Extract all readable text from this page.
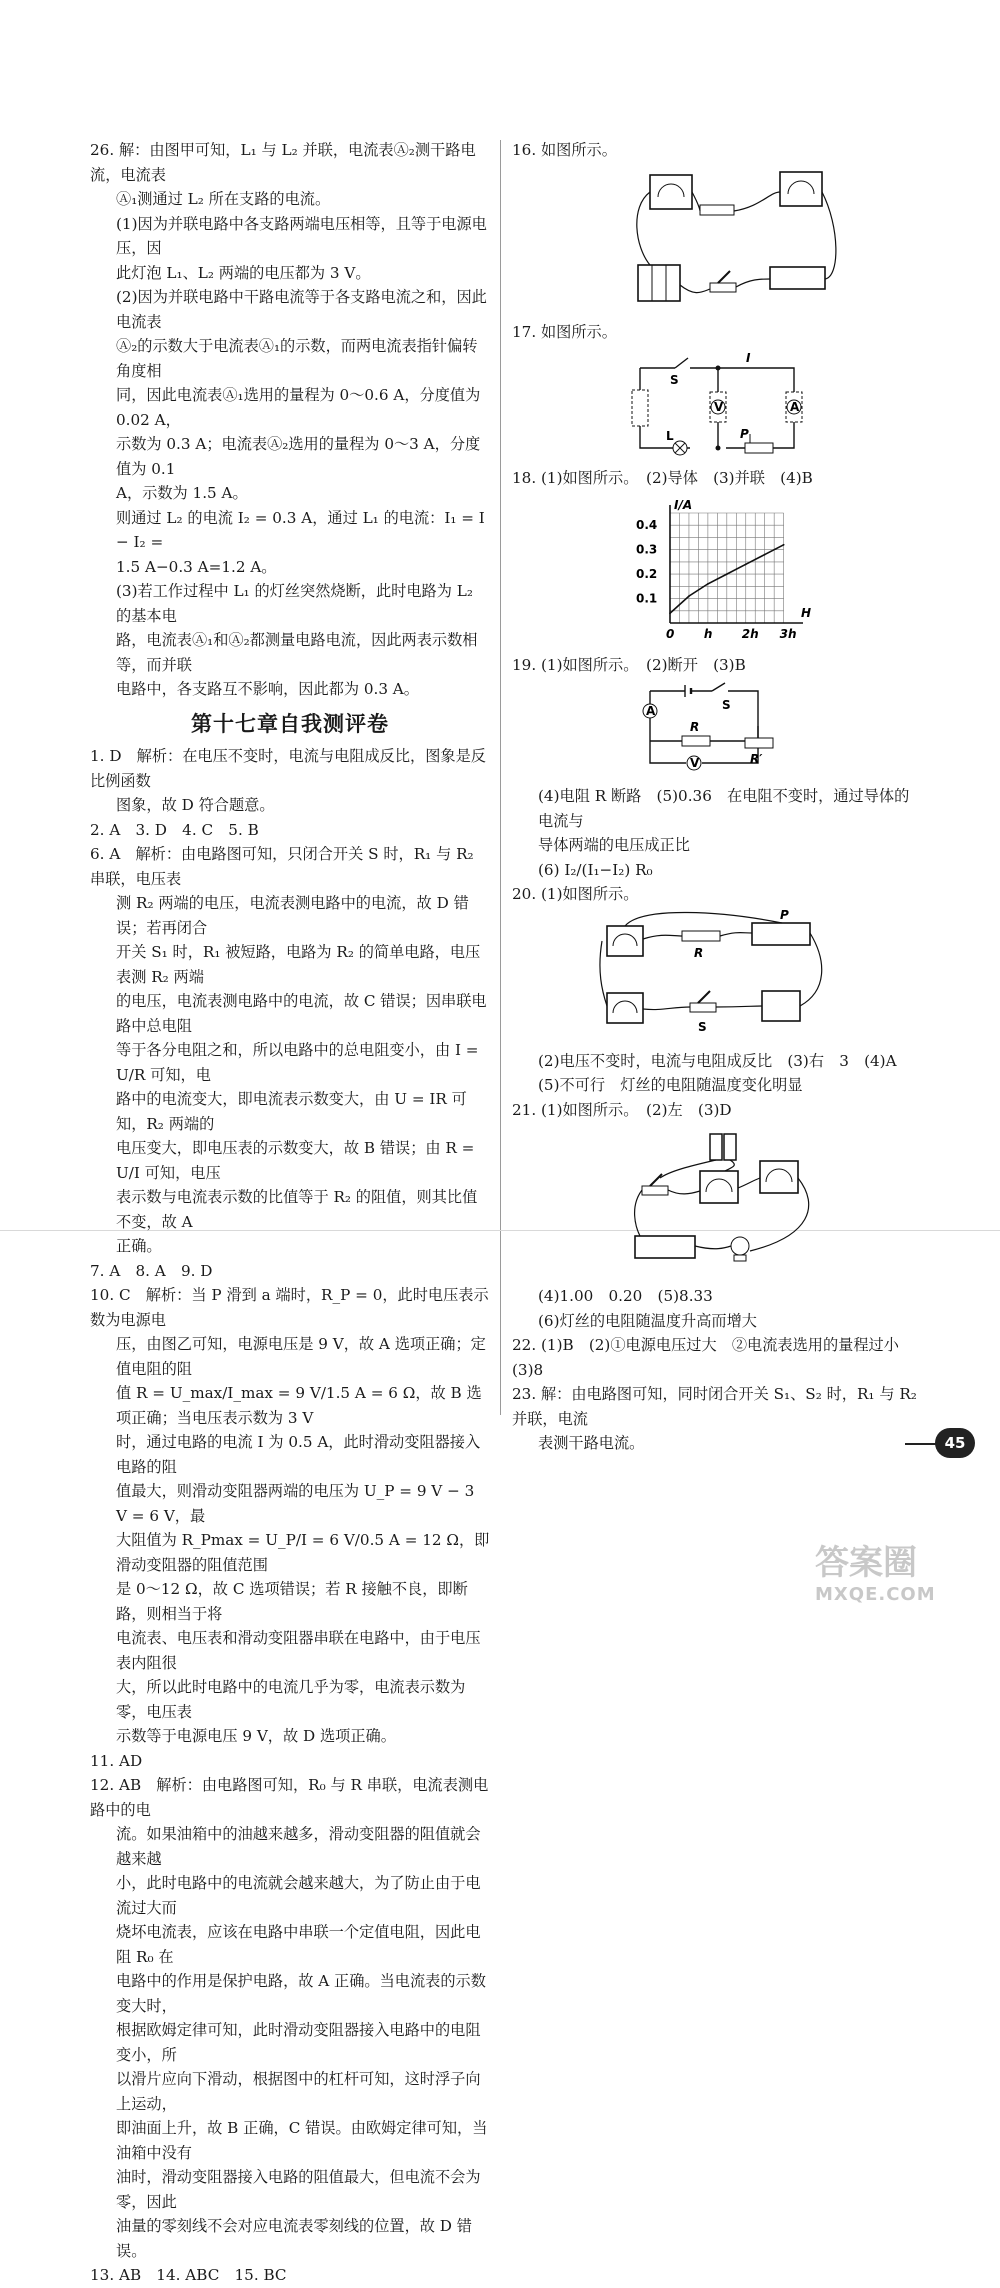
26. 解：由图甲可知，L₁ 与 L₂ 并联，电流表Ⓐ₂测干路电流，电流表

Ⓐ₁测通过 L₂ 所在支路的电流。

(1)因为并联电路中各支路两端电压相等，且等于电源电压，因

此灯泡 L₁、L₂ 两端的电压都为 3 V。

(2)因为并联电路中干路电流等于各支路电流之和，因此电流表

Ⓐ₂的示数大于电流表Ⓐ₁的示数，而两电流表指针偏转角度相

同，因此电流表Ⓐ₁选用的量程为 0～0.6 A，分度值为 0.02 A，

示数为 0.3 A；电流表Ⓐ₂选用的量程为 0～3 A，分度值为 0.1

A，示数为 1.5 A。

则通过 L₂ 的电流 I₂ = 0.3 A，通过 L₁ 的电流：I₁ = I − I₂ =

1.5 A−0.3 A=1.2 A。

(3)若工作过程中 L₁ 的灯丝突然烧断，此时电路为 L₂ 的基本电

路，电流表Ⓐ₁和Ⓐ₂都测量电路电流，因此两表示数相等，而并联

电路中，各支路互不影响，因此都为 0.3 A。

第十七章自我测评卷

1. D　解析：在电压不变时，电流与电阻成反比，图象是反比例函数

图象，故 D 符合题意。

2. A　3. D　4. C　5. B

6. A　解析：由电路图可知，只闭合开关 S 时，R₁ 与 R₂ 串联，电压表

测 R₂ 两端的电压，电流表测电路中的电流，故 D 错误；若再闭合

开关 S₁ 时，R₁ 被短路，电路为 R₂ 的简单电路，电压表测 R₂ 两端

的电压，电流表测电路中的电流，故 C 错误；因串联电路中总电阻

等于各分电阻之和，所以电路中的总电阻变小，由 I = U/R 可知，电

路中的电流变大，即电流表示数变大，由 U = IR 可知，R₂ 两端的

电压变大，即电压表的示数变大，故 B 错误；由 R = U/I 可知，电压

表示数与电流表示数的比值等于 R₂ 的阻值，则其比值不变，故 A

正确。

7. A　8. A　9. D

10. C　解析：当 P 滑到 a 端时，R_P = 0，此时电压表示数为电源电

压，由图乙可知，电源电压是 9 V，故 A 选项正确；定值电阻的阻

值 R = U_max/I_max = 9 V/1.5 A = 6 Ω，故 B 选项正确；当电压表示数为 3 V

时，通过电路的电流 I 为 0.5 A，此时滑动变阻器接入电路的阻

值最大，则滑动变阻器两端的电压为 U_P = 9 V − 3 V = 6 V，最

大阻值为 R_Pmax = U_P/I = 6 V/0.5 A = 12 Ω，即滑动变阻器的阻值范围

是 0～12 Ω，故 C 选项错误；若 R 接触不良，即断路，则相当于将

电流表、电压表和滑动变阻器串联在电路中，由于电压表内阻很

大，所以此时电路中的电流几乎为零，电流表示数为零，电压表

示数等于电源电压 9 V，故 D 选项正确。

11. AD

12. AB　解析：由电路图可知，R₀ 与 R 串联，电流表测电路中的电

流。如果油箱中的油越来越多，滑动变阻器的阻值就会越来越

小，此时电路中的电流就会越来越大，为了防止由于电流过大而

烧坏电流表，应该在电路中串联一个定值电阻，因此电阻 R₀ 在

电路中的作用是保护电路，故 A 正确。当电流表的示数变大时，

根据欧姆定律可知，此时滑动变阻器接入电路中的电阻变小，所

以滑片应向下滑动，根据图中的杠杆可知，这时浮子向上运动，

即油面上升，故 B 正确，C 错误。由欧姆定律可知，当油箱中没有

油时，滑动变阻器接入电路的阻值最大，但电流不会为零，因此

油量的零刻线不会对应电流表零刻线的位置，故 D 错误。

13. AB　14. ABC　15. BC

16. 如图所示。

17. 如图所示。

S
I
V	A
L	P

18. (1)如图所示。　(2)导体　(3)并联　(4)B

H
I/A
0 h 2h 3h
0.1
0.2
0.3
0.4

19. (1)如图所示。　(2)断开　(3)B

A	S
R
V	R′

(4)电阻 R 断路　(5)0.36　在电阻不变时，通过导体的电流与

导体两端的电压成正比

(6) I₂/(I₁−I₂) R₀

20. (1)如图所示。

P
R
S

(2)电压不变时，电流与电阻成反比　(3)右　3　(4)A

(5)不可行　灯丝的电阻随温度变化明显

21. (1)如图所示。　(2)左　(3)D

(4)1.00　0.20　(5)8.33

(6)灯丝的电阻随温度升高而增大

22. (1)B　(2)①电源电压过大　②电流表选用的量程过小　(3)8

23. 解：由电路图可知，同时闭合开关 S₁、S₂ 时，R₁ 与 R₂ 并联，电流

表测干路电流。	45
答案圈
MXQE.COM
